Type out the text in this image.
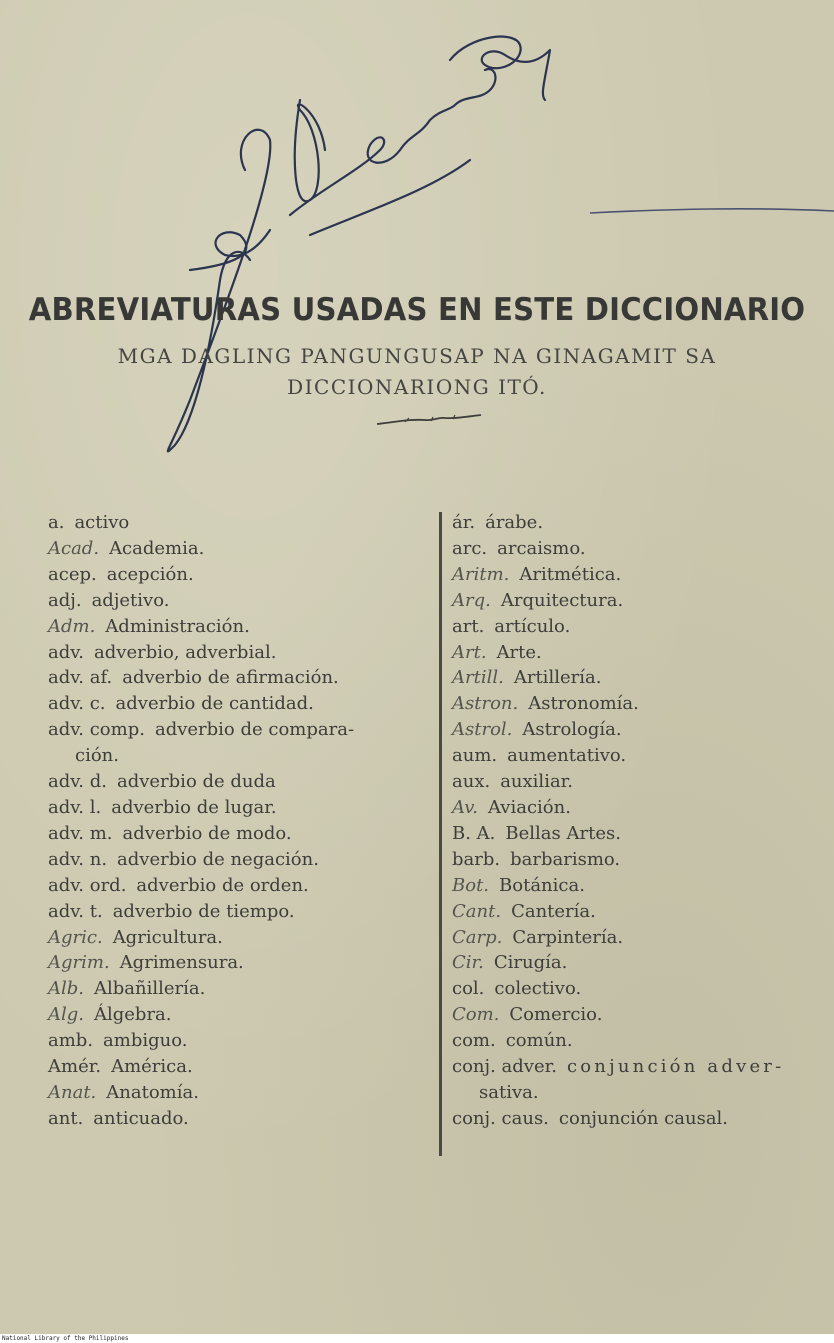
ABREVIATURAS USADAS EN ESTE DICCIONARIO
MGA DAGLING PANGUNGUSAP NA GINAGAMIT SA
DICCIONARIONG ITÓ.
a. activo
Acad. Academia.
acep. acepción.
adj. adjetivo.
Adm. Administración.
adv. adverbio, adverbial.
adv. af. adverbio de afirmación.
adv. c. adverbio de cantidad.
adv. comp. adverbio de compara-
ción.
adv. d. adverbio de duda
adv. l. adverbio de lugar.
adv. m. adverbio de modo.
adv. n. adverbio de negación.
adv. ord. adverbio de orden.
adv. t. adverbio de tiempo.
Agric. Agricultura.
Agrim. Agrimensura.
Alb. Albañillería.
Alg. Álgebra.
amb. ambiguo.
Amér. América.
Anat. Anatomía.
ant. anticuado.
ár. árabe.
arc. arcaismo.
Aritm. Aritmética.
Arq. Arquitectura.
art. artículo.
Art. Arte.
Artill. Artillería.
Astron. Astronomía.
Astrol. Astrología.
aum. aumentativo.
aux. auxiliar.
Av. Aviación.
B. A. Bellas Artes.
barb. barbarismo.
Bot. Botánica.
Cant. Cantería.
Carp. Carpintería.
Cir. Cirugía.
col. colectivo.
Com. Comercio.
com. común.
conj. adver. conjunción adver-
sativa.
conj. caus. conjunción causal.
National Library of the Philippines
